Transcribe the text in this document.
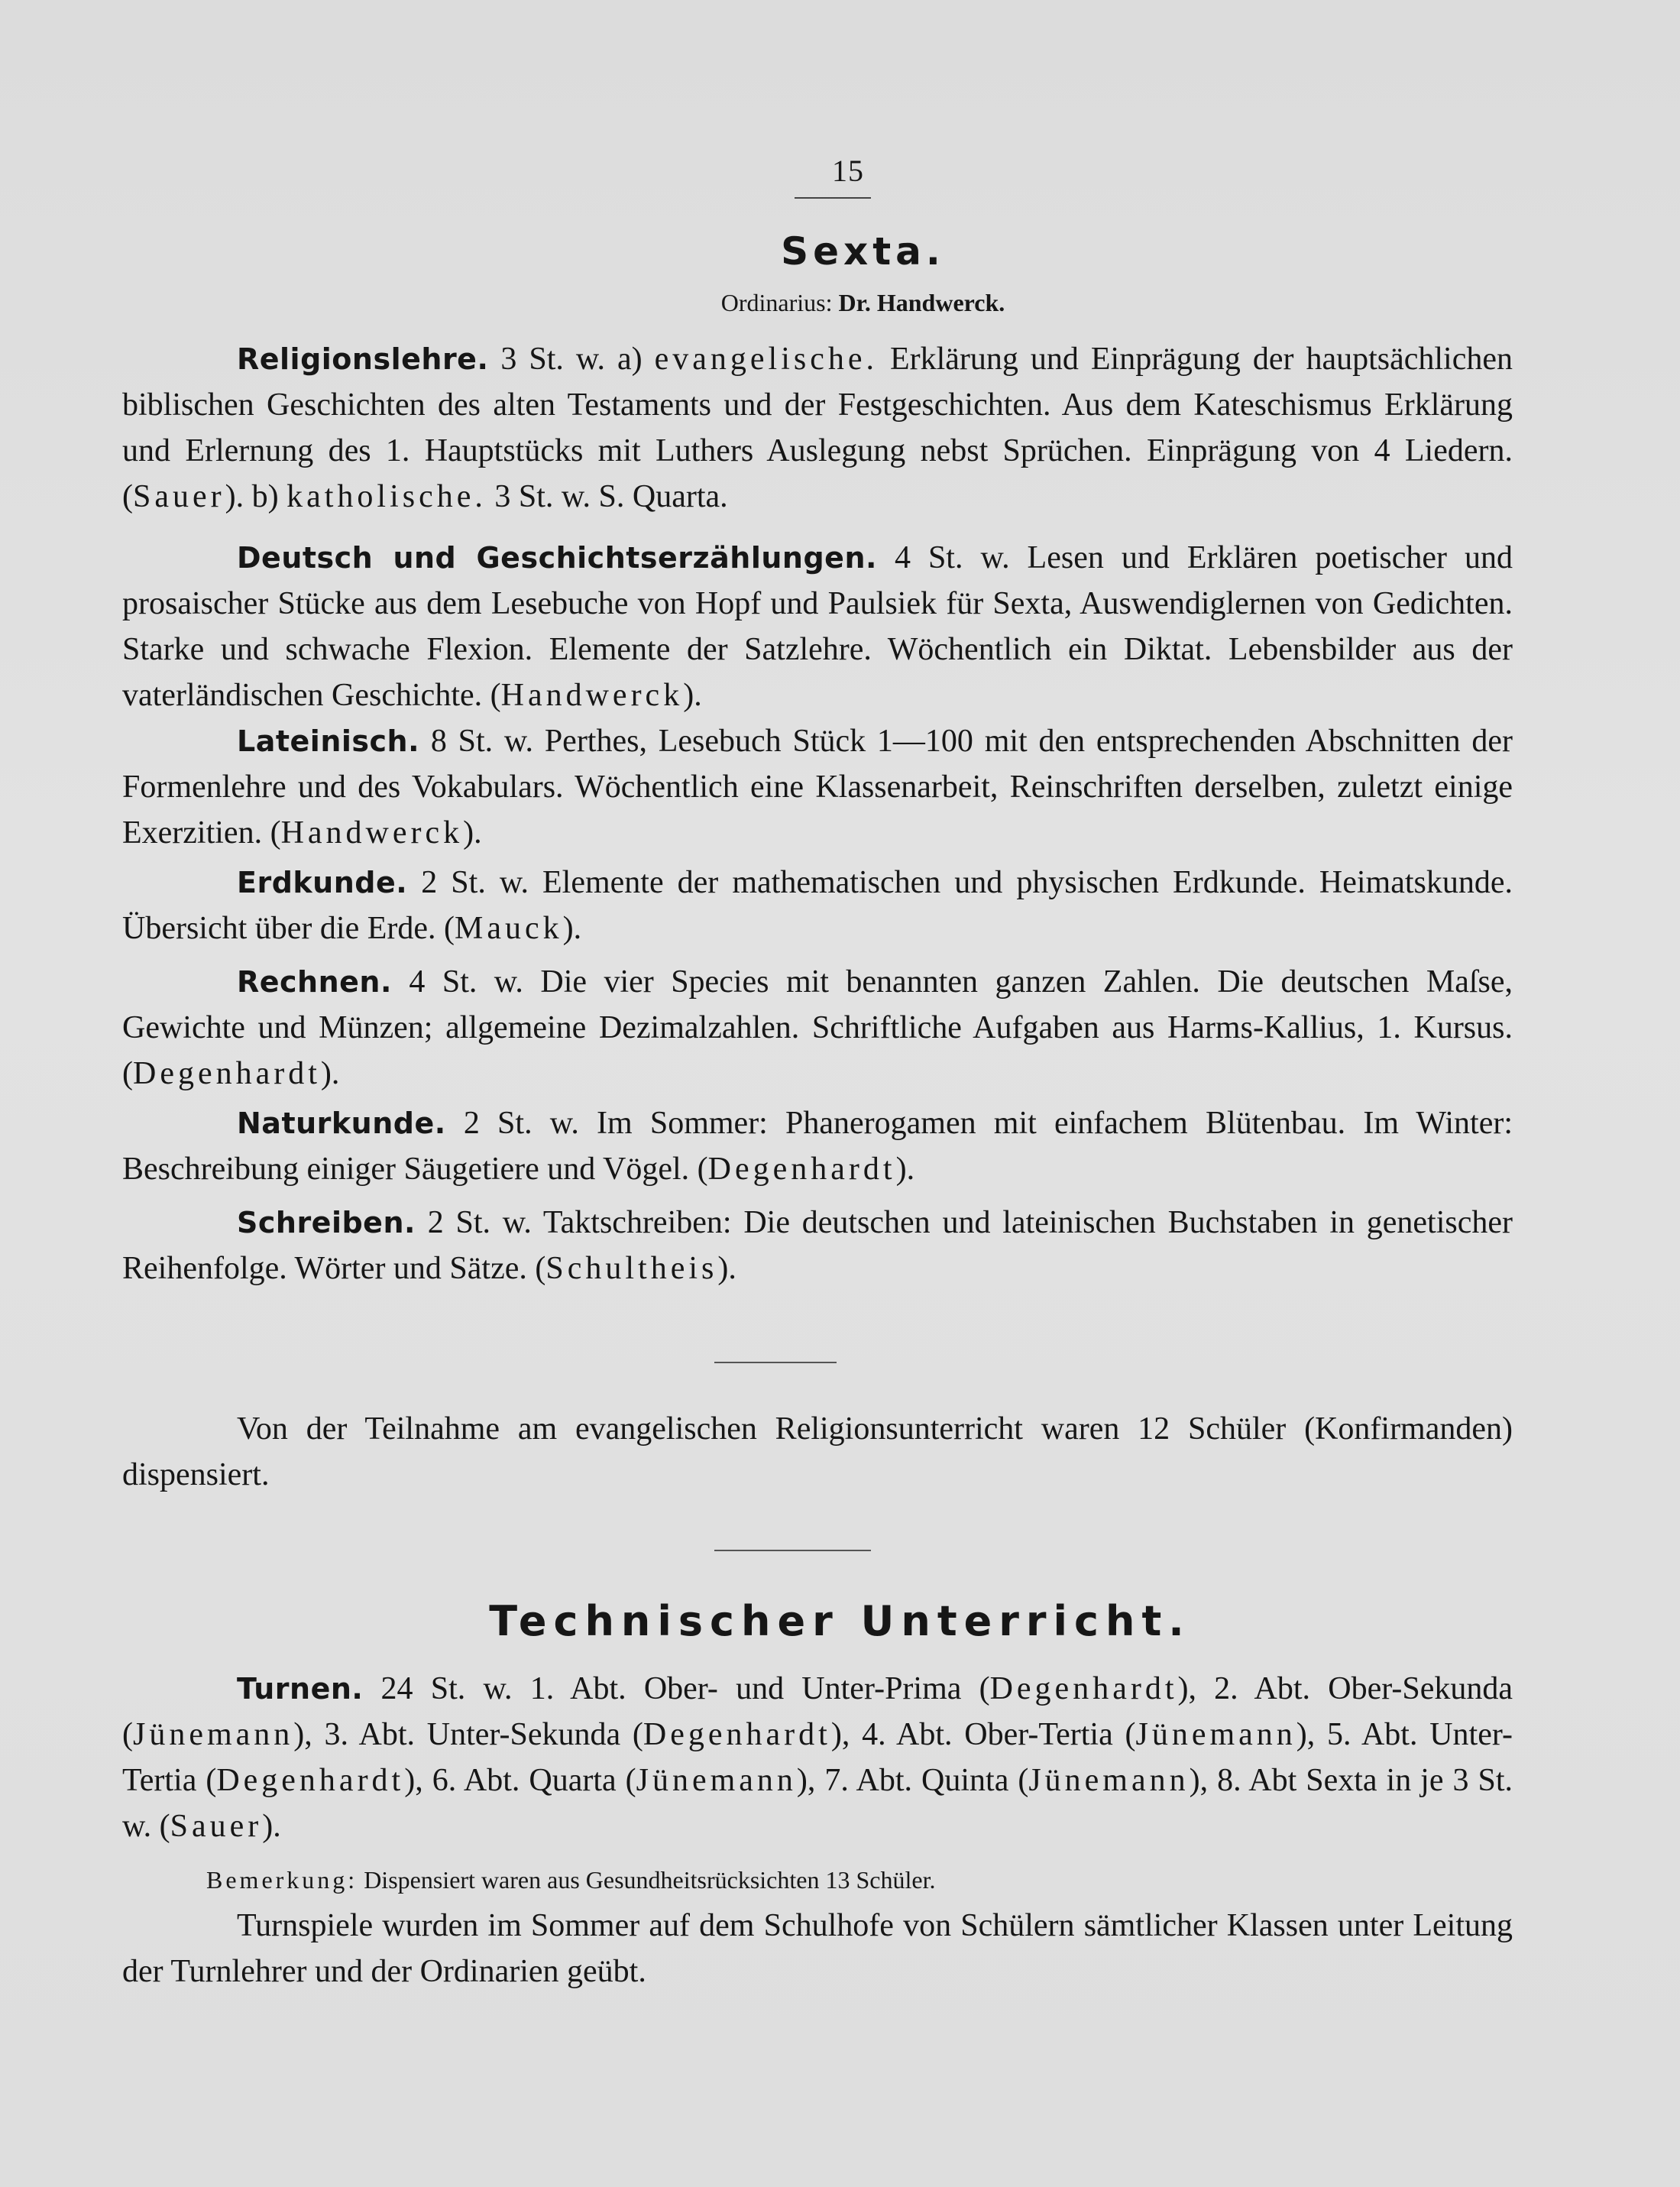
15
Sexta.
Ordinarius: Dr. Handwerck.

Religionslehre. 3 St. w. a) evangelische. Erklärung und Einprägung der hauptsächlichen biblischen Geschichten des alten Testaments und der Festgeschichten. Aus dem Kateschismus Erklärung und Erlernung des 1. Hauptstücks mit Luthers Auslegung nebst Sprüchen. Einprägung von 4 Liedern. (Sauer). b) katholische. 3 St. w. S. Quarta.

Deutsch und Geschichtserzählungen. 4 St. w. Lesen und Erklären poetischer und prosaischer Stücke aus dem Lesebuche von Hopf und Paulsiek für Sexta, Auswendiglernen von Gedichten. Starke und schwache Flexion. Elemente der Satzlehre. Wöchentlich ein Diktat. Lebensbilder aus der vaterländischen Geschichte. (Handwerck).

Lateinisch. 8 St. w. Perthes, Lesebuch Stück 1—100 mit den entsprechenden Abschnitten der Formenlehre und des Vokabulars. Wöchentlich eine Klassenarbeit, Reinschriften derselben, zuletzt einige Exerzitien. (Handwerck).

Erdkunde. 2 St. w. Elemente der mathematischen und physischen Erdkunde. Heimatskunde. Übersicht über die Erde. (Mauck).

Rechnen. 4 St. w. Die vier Species mit benannten ganzen Zahlen. Die deutschen Maſse, Gewichte und Münzen; allgemeine Dezimalzahlen. Schriftliche Aufgaben aus Harms-Kallius, 1. Kursus. (Degenhardt).

Naturkunde. 2 St. w. Im Sommer: Phanerogamen mit einfachem Blütenbau. Im Winter: Beschreibung einiger Säugetiere und Vögel. (Degenhardt).

Schreiben. 2 St. w. Taktschreiben: Die deutschen und lateinischen Buchstaben in genetischer Reihenfolge. Wörter und Sätze. (Schultheis).

Von der Teilnahme am evangelischen Religionsunterricht waren 12 Schüler (Konfirmanden) dispensiert.

Turnen. 24 St. w. 1. Abt. Ober- und Unter-Prima (Degenhardt), 2. Abt. Ober-Sekunda (Jünemann), 3. Abt. Unter-Sekunda (Degenhardt), 4. Abt. Ober-Tertia (Jünemann), 5. Abt. Unter-Tertia (Degenhardt), 6. Abt. Quarta (Jünemann), 7. Abt. Quinta (Jünemann), 8. Abt Sexta in je 3 St. w. (Sauer).

Bemerkung: Dispensiert waren aus Gesundheitsrücksichten 13 Schüler.

Turnspiele wurden im Sommer auf dem Schulhofe von Schülern sämtlicher Klassen unter Leitung der Turnlehrer und der Ordinarien geübt.

Technischer Unterricht.
